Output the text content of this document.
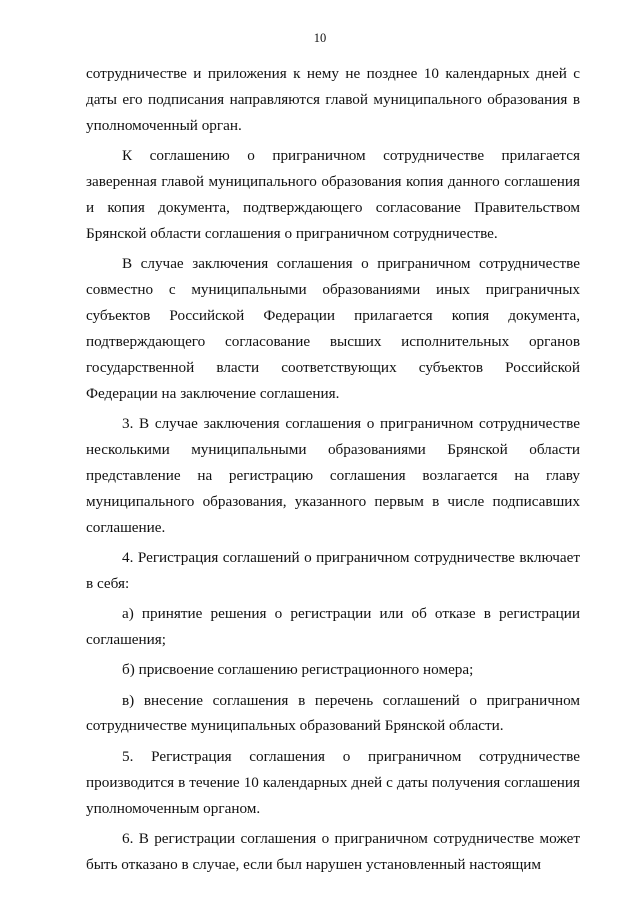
10

сотрудничестве и приложения к нему не позднее 10 календарных дней с даты его подписания направляются главой муниципального образования в уполномоченный орган.

К соглашению о приграничном сотрудничестве прилагается заверенная главой муниципального образования копия данного соглашения и копия документа, подтверждающего согласование Правительством Брянской области соглашения о приграничном сотрудничестве.

В случае заключения соглашения о приграничном сотрудничестве совместно с муниципальными образованиями иных приграничных субъектов Российской Федерации прилагается копия документа, подтверждающего согласование высших исполнительных органов государственной власти соответствующих субъектов Российской Федерации на заключение соглашения.

3. В случае заключения соглашения о приграничном сотрудничестве несколькими муниципальными образованиями Брянской области представление на регистрацию соглашения возлагается на главу муниципального образования, указанного первым в числе подписавших соглашение.

4. Регистрация соглашений о приграничном сотрудничестве включает в себя:

а) принятие решения о регистрации или об отказе в регистрации соглашения;

б) присвоение соглашению регистрационного номера;

в) внесение соглашения в перечень соглашений о приграничном сотрудничестве муниципальных образований Брянской области.

5. Регистрация соглашения о приграничном сотрудничестве производится в течение 10 календарных дней с даты получения соглашения уполномоченным органом.

6. В регистрации соглашения о приграничном сотрудничестве может быть отказано в случае, если был нарушен установленный настоящим
